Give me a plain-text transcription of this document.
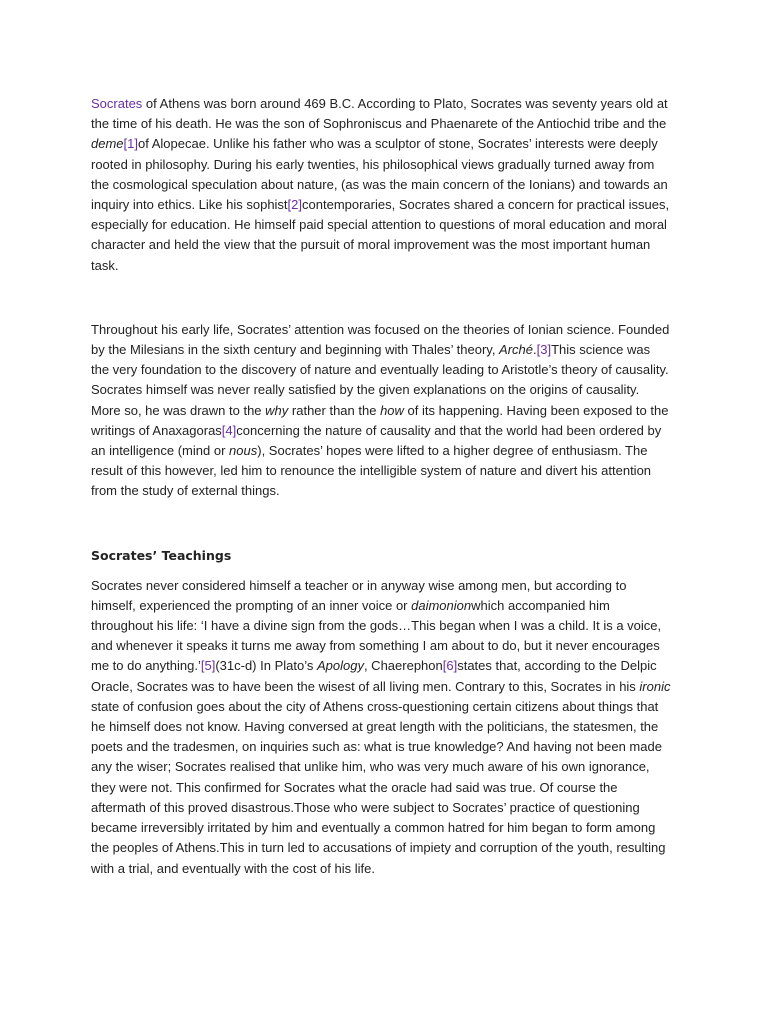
Socrates of Athens was born around 469 B.C. According to Plato, Socrates was seventy years old at the time of his death. He was the son of Sophroniscus and Phaenarete of the Antiochid tribe and the deme[1]of Alopecae. Unlike his father who was a sculptor of stone, Socrates’ interests were deeply rooted in philosophy. During his early twenties, his philosophical views gradually turned away from the cosmological speculation about nature, (as was the main concern of the Ionians) and towards an inquiry into ethics. Like his sophist[2]contemporaries, Socrates shared a concern for practical issues, especially for education. He himself paid special attention to questions of moral education and moral character and held the view that the pursuit of moral improvement was the most important human task.

Throughout his early life, Socrates’ attention was focused on the theories of Ionian science. Founded by the Milesians in the sixth century and beginning with Thales’ theory, Arché.[3]This science was the very foundation to the discovery of nature and eventually leading to Aristotle’s theory of causality. Socrates himself was never really satisfied by the given explanations on the origins of causality. More so, he was drawn to the why rather than the how of its happening. Having been exposed to the writings of Anaxagoras[4]concerning the nature of causality and that the world had been ordered by an intelligence (mind or nous), Socrates’ hopes were lifted to a higher degree of enthusiasm. The result of this however, led him to renounce the intelligible system of nature and divert his attention from the study of external things.

Socrates’ Teachings

Socrates never considered himself a teacher or in anyway wise among men, but according to himself, experienced the prompting of an inner voice or daimonionwhich accompanied him throughout his life: ‘I have a divine sign from the gods…This began when I was a child. It is a voice, and whenever it speaks it turns me away from something I am about to do, but it never encourages me to do anything.’[5](31c-d) In Plato’s Apology, Chaerephon[6]states that, according to the Delpic Oracle, Socrates was to have been the wisest of all living men. Contrary to this, Socrates in his ironic state of confusion goes about the city of Athens cross-questioning certain citizens about things that he himself does not know. Having conversed at great length with the politicians, the statesmen, the poets and the tradesmen, on inquiries such as: what is true knowledge? And having not been made any the wiser; Socrates realised that unlike him, who was very much aware of his own ignorance, they were not. This confirmed for Socrates what the oracle had said was true. Of course the aftermath of this proved disastrous.Those who were subject to Socrates’ practice of questioning became irreversibly irritated by him and eventually a common hatred for him began to form among the peoples of Athens.This in turn led to accusations of impiety and corruption of the youth, resulting with a trial, and eventually with the cost of his life.
